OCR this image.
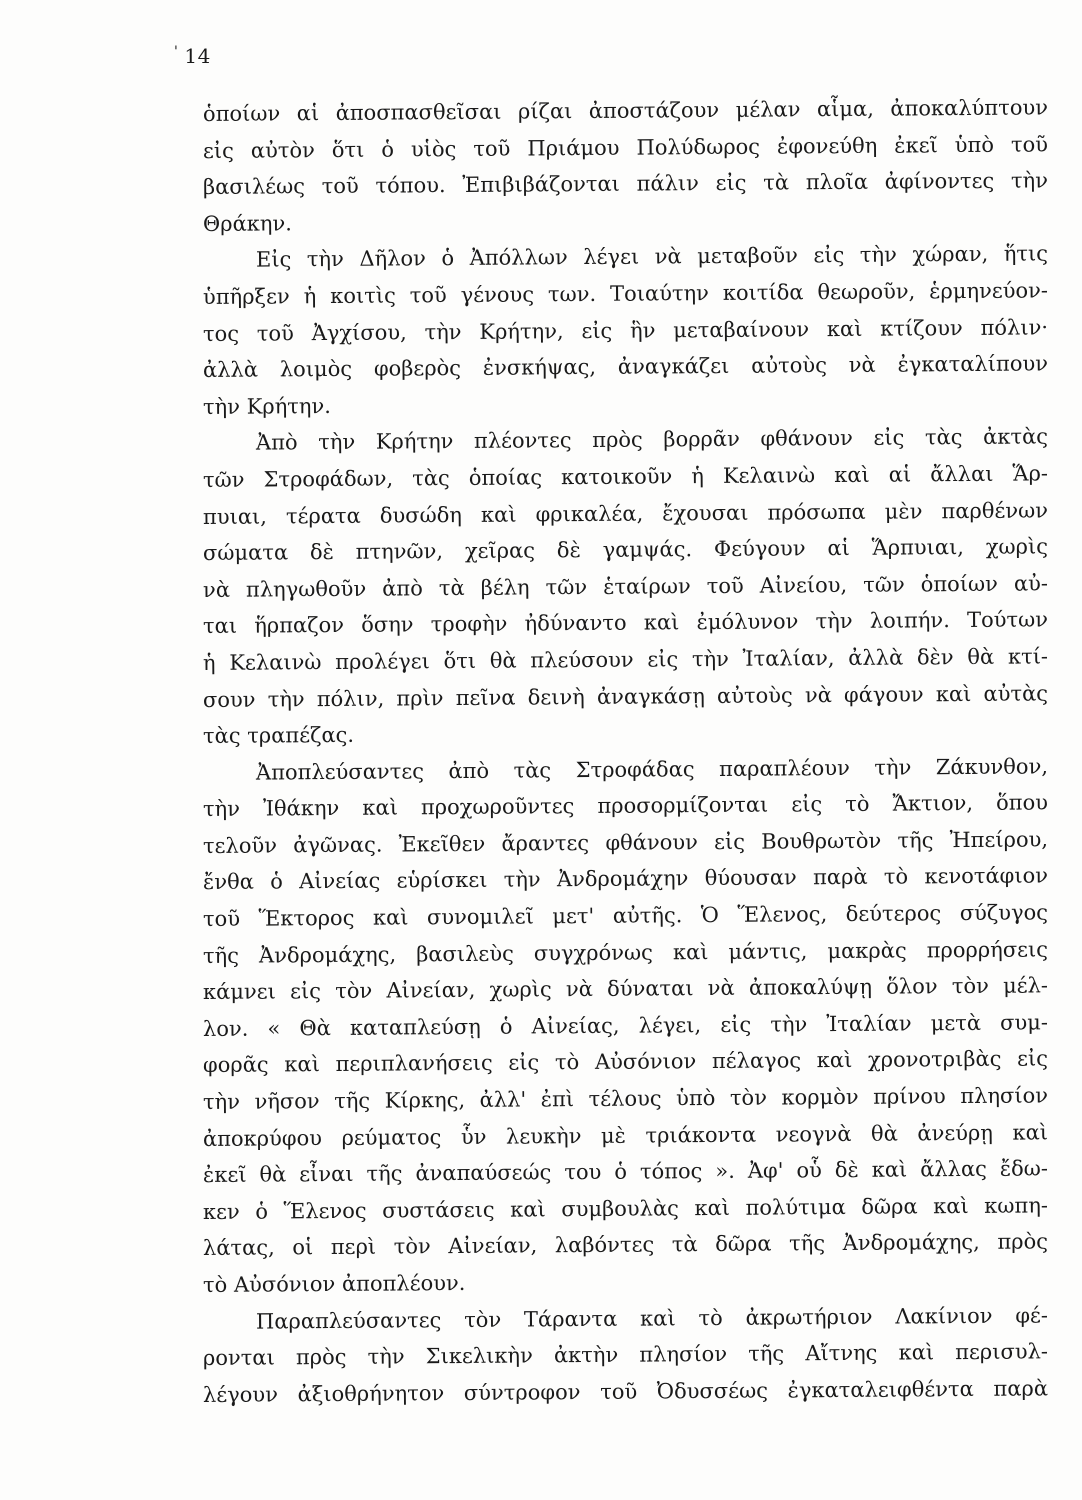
' 14
ὁποίων αἱ ἀποσπασθεῖσαι ρίζαι ἀποστάζουν μέλαν αἷμα, ἀποκαλύπτουν
εἰς αὐτὸν ὅτι ὁ υἱὸς τοῦ Πριάμου Πολύδωρος ἐφονεύθη ἐκεῖ ὑπὸ τοῦ
βασιλέως τοῦ τόπου. Ἐπιβιβάζονται πάλιν εἰς τὰ πλοῖα ἀφίνοντες τὴν
Θράκην.
Εἰς τὴν Δῆλον ὁ Ἀπόλλων λέγει νὰ μεταβοῦν εἰς τὴν χώραν, ἥτις
ὑπῆρξεν ἡ κοιτὶς τοῦ γένους των. Τοιαύτην κοιτίδα θεωροῦν, ἑρμηνεύον-
τος τοῦ Ἀγχίσου, τὴν Κρήτην, εἰς ἣν μεταβαίνουν καὶ κτίζουν πόλιν·
ἀλλὰ λοιμὸς φοβερὸς ἐνσκήψας, ἀναγκάζει αὐτοὺς νὰ ἐγκαταλίπουν
τὴν Κρήτην.
Ἀπὸ τὴν Κρήτην πλέοντες πρὸς βορρᾶν φθάνουν εἰς τὰς ἀκτὰς
τῶν Στροφάδων, τὰς ὁποίας κατοικοῦν ἡ Κελαινὼ καὶ αἱ ἄλλαι Ἅρ-
πυιαι, τέρατα δυσώδη καὶ φρικαλέα, ἔχουσαι πρόσωπα μὲν παρθένων
σώματα δὲ πτηνῶν, χεῖρας δὲ γαμψάς. Φεύγουν αἱ Ἅρπυιαι, χωρὶς
νὰ πληγωθοῦν ἀπὸ τὰ βέλη τῶν ἑταίρων τοῦ Αἰνείου, τῶν ὁποίων αὐ-
ται ἥρπαζον ὅσην τροφὴν ἠδύναντο καὶ ἐμόλυνον τὴν λοιπήν. Τούτων
ἡ Κελαινὼ προλέγει ὅτι θὰ πλεύσουν εἰς τὴν Ἰταλίαν, ἀλλὰ δὲν θὰ κτί-
σουν τὴν πόλιν, πρὶν πεῖνα δεινὴ ἀναγκάσῃ αὐτοὺς νὰ φάγουν καὶ αὐτὰς
τὰς τραπέζας.
Ἀποπλεύσαντες ἀπὸ τὰς Στροφάδας παραπλέουν τὴν Ζάκυνθον,
τὴν Ἰθάκην καὶ προχωροῦντες προσορμίζονται εἰς τὸ Ἄκτιον, ὅπου
τελοῦν ἀγῶνας. Ἐκεῖθεν ἄραντες φθάνουν εἰς Βουθρωτὸν τῆς Ἠπείρου,
ἔνθα ὁ Αἰνείας εὑρίσκει τὴν Ἀνδρομάχην θύουσαν παρὰ τὸ κενοτάφιον
τοῦ Ἕκτορος καὶ συνομιλεῖ μετ' αὐτῆς. Ὁ Ἕλενος, δεύτερος σύζυγος
τῆς Ἀνδρομάχης, βασιλεὺς συγχρόνως καὶ μάντις, μακρὰς προρρήσεις
κάμνει εἰς τὸν Αἰνείαν, χωρὶς νὰ δύναται νὰ ἀποκαλύψῃ ὅλον τὸν μέλ-
λον. « Θὰ καταπλεύσῃ ὁ Αἰνείας, λέγει, εἰς τὴν Ἰταλίαν μετὰ συμ-
φορᾶς καὶ περιπλανήσεις εἰς τὸ Αὐσόνιον πέλαγος καὶ χρονοτριβὰς εἰς
τὴν νῆσον τῆς Κίρκης, ἀλλ' ἐπὶ τέλους ὑπὸ τὸν κορμὸν πρίνου πλησίον
ἀποκρύφου ρεύματος ὗν λευκὴν μὲ τριάκοντα νεογνὰ θὰ ἀνεύρῃ καὶ
ἐκεῖ θὰ εἶναι τῆς ἀναπαύσεώς του ὁ τόπος ». Ἀφ' οὗ δὲ καὶ ἄλλας ἔδω-
κεν ὁ Ἕλενος συστάσεις καὶ συμβουλὰς καὶ πολύτιμα δῶρα καὶ κωπη-
λάτας, οἱ περὶ τὸν Αἰνείαν, λαβόντες τὰ δῶρα τῆς Ἀνδρομάχης, πρὸς
τὸ Αὐσόνιον ἀποπλέουν.
Παραπλεύσαντες τὸν Τάραντα καὶ τὸ ἀκρωτήριον Λακίνιον φέ-
ρονται πρὸς τὴν Σικελικὴν ἀκτὴν πλησίον τῆς Αἴτνης καὶ περισυλ-
λέγουν ἀξιοθρήνητον σύντροφον τοῦ Ὀδυσσέως ἐγκαταλειφθέντα παρὰ
